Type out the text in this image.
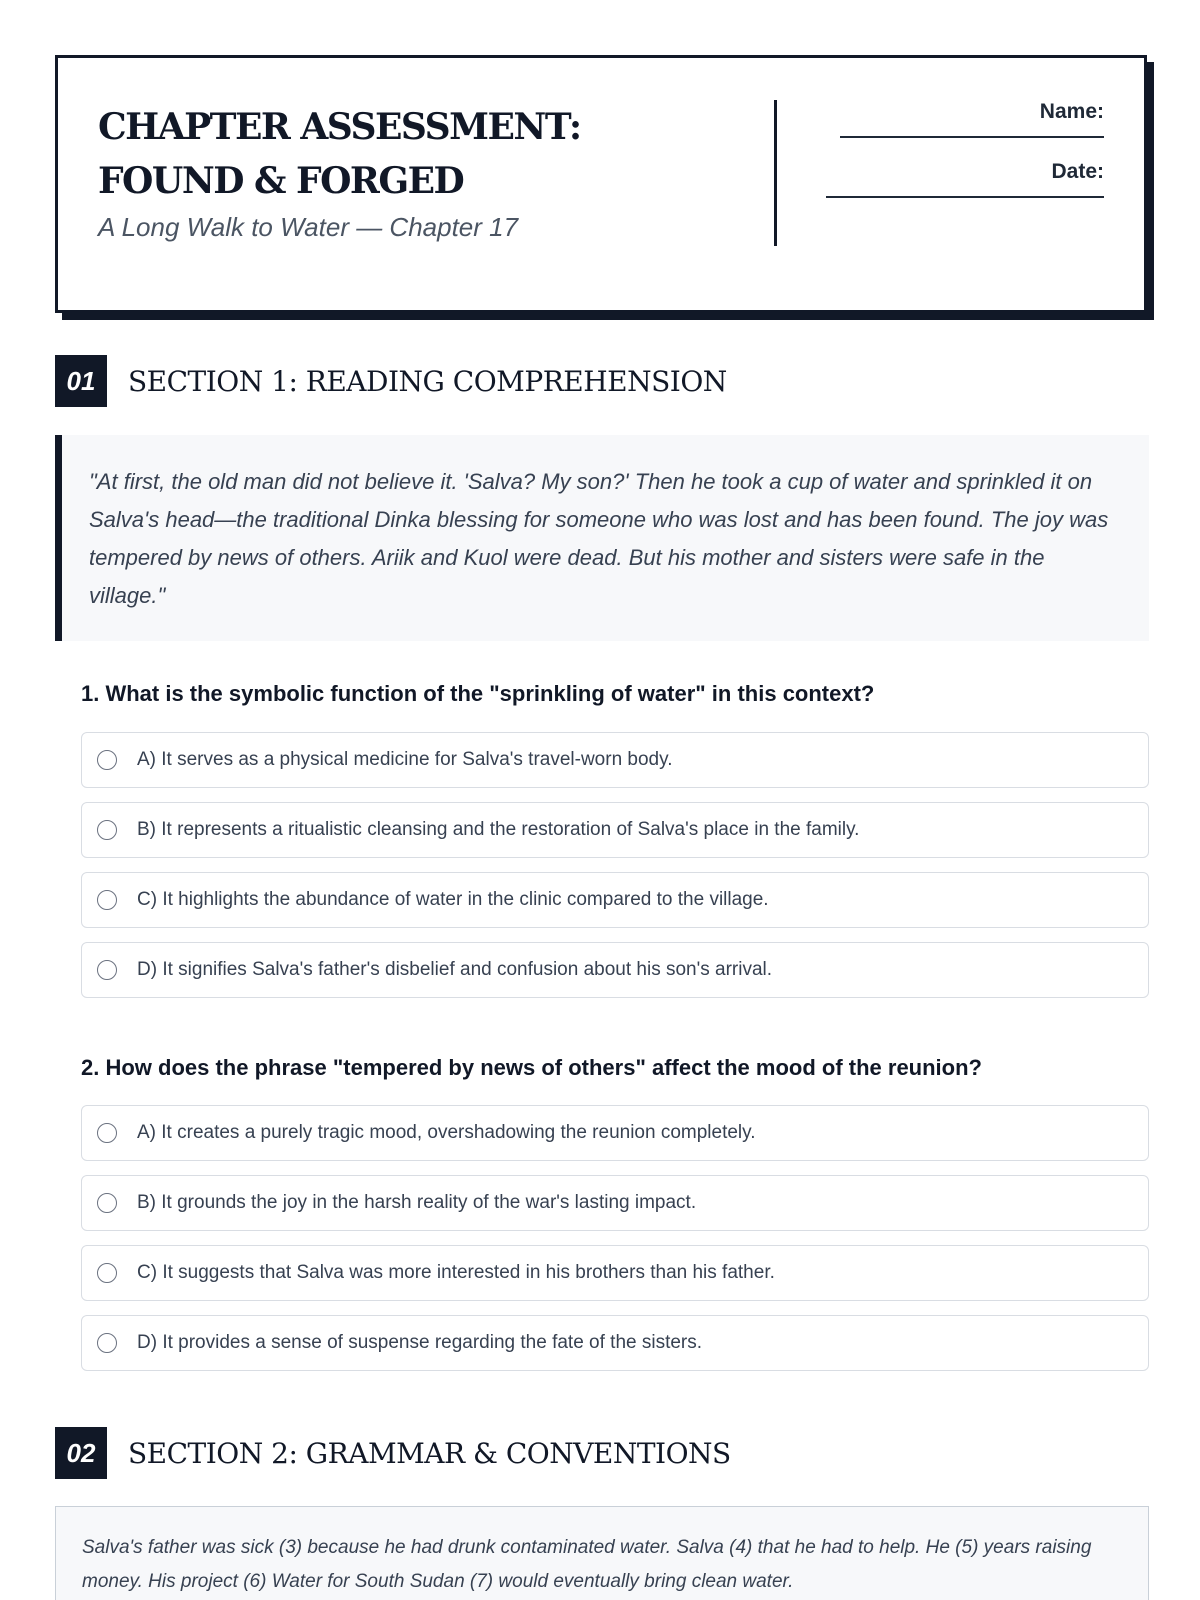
CHAPTER ASSESSMENT: FOUND & FORGED
A Long Walk to Water — Chapter 17
Name:
Date:
01	SECTION 1: READING COMPREHENSION
"At first, the old man did not believe it. 'Salva? My son?' Then he took a cup of water and sprinkled it on Salva's head—the traditional Dinka blessing for someone who was lost and has been found. The joy was tempered by news of others. Ariik and Kuol were dead. But his mother and sisters were safe in the village."
1. What is the symbolic function of the "sprinkling of water" in this context?
A) It serves as a physical medicine for Salva's travel-worn body.
B) It represents a ritualistic cleansing and the restoration of Salva's place in the family.
C) It highlights the abundance of water in the clinic compared to the village.
D) It signifies Salva's father's disbelief and confusion about his son's arrival.
2. How does the phrase "tempered by news of others" affect the mood of the reunion?
A) It creates a purely tragic mood, overshadowing the reunion completely.
B) It grounds the joy in the harsh reality of the war's lasting impact.
C) It suggests that Salva was more interested in his brothers than his father.
D) It provides a sense of suspense regarding the fate of the sisters.
02	SECTION 2: GRAMMAR & CONVENTIONS
Salva's father was sick (3) because he had drunk contaminated water. Salva (4) that he had to help. He (5) years raising money. His project (6) Water for South Sudan (7) would eventually bring clean water.
